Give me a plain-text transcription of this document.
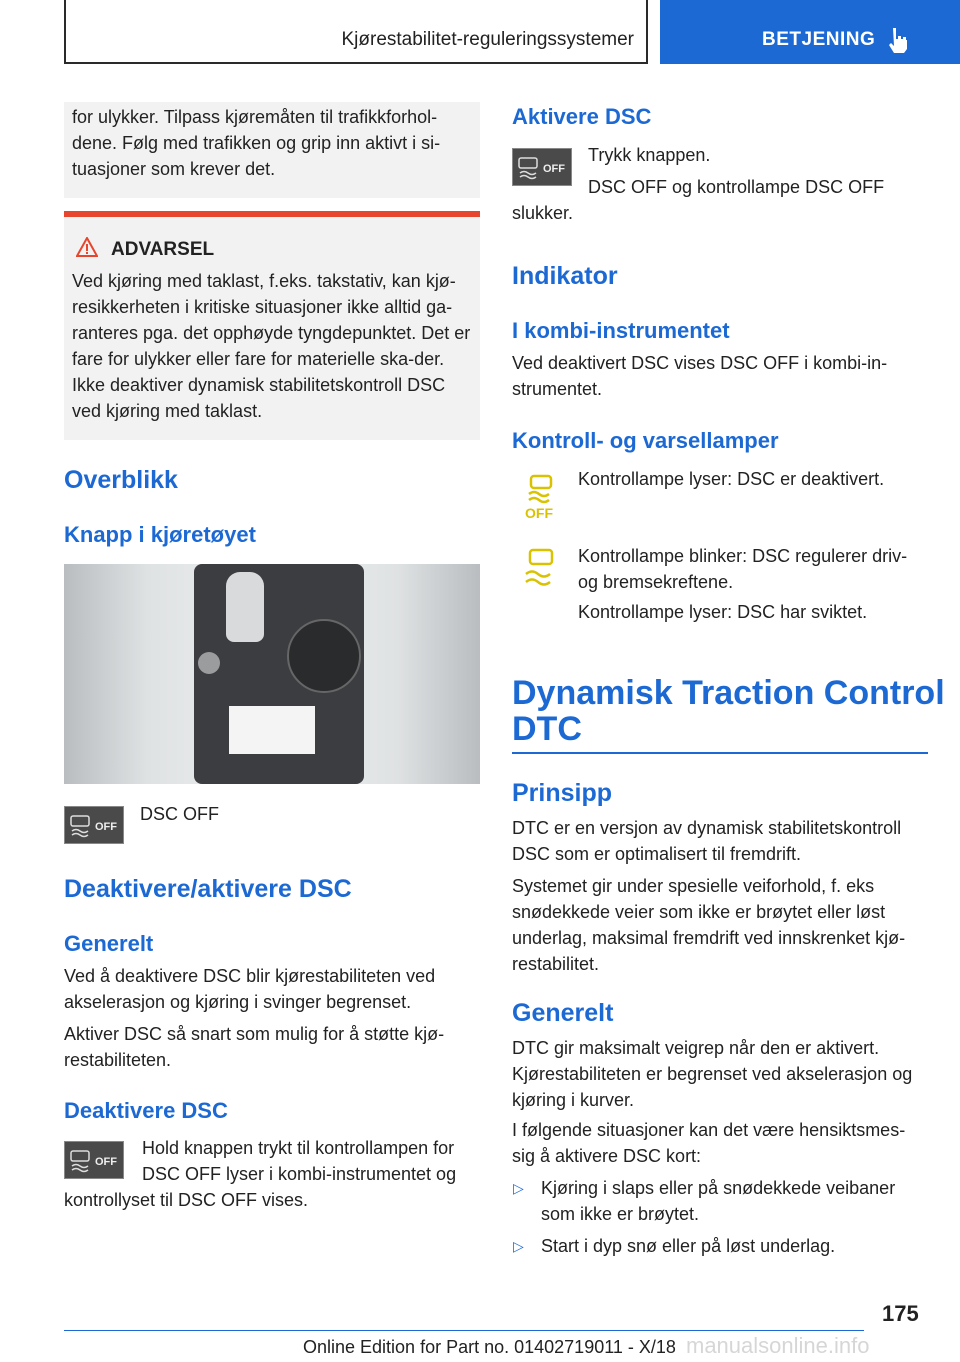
Kjørestabilitet-reguleringssystemer	BETJENING

for ulykker. Tilpass kjøremåten til trafikkforhol-dene. Følg med trafikken og grip inn aktivt i si-tuasjoner som krever det.

ADVARSEL

Ved kjøring med taklast, f.eks. takstativ, kan kjø-resikkerheten i kritiske situasjoner ikke alltid ga-ranteres pga. det opphøyde tyngdepunktet. Det er fare for ulykker eller fare for materielle ska-der. Ikke deaktiver dynamisk stabilitetskontroll DSC ved kjøring med taklast.

Overblikk

Knapp i kjøretøyet

OFF

DSC OFF

Deaktivere/aktivere DSC

Generelt

Ved å deaktivere DSC blir kjørestabiliteten ved akselerasjon og kjøring i svinger begrenset.

Aktiver DSC så snart som mulig for å støtte kjø-restabiliteten.

Deaktivere DSC

OFF

Hold knappen trykt til kontrollampen for

DSC OFF lyser i kombi-instrumentet og

kontrollyset til DSC OFF vises.

Aktivere DSC

OFF

Trykk knappen.

DSC OFF og kontrollampe DSC OFF

slukker.

Indikator

I kombi-instrumentet

Ved deaktivert DSC vises DSC OFF i kombi-in-strumentet.

Kontroll- og varsellamper

OFF

Kontrollampe lyser: DSC er deaktivert.

Kontrollampe blinker: DSC regulerer driv- og bremsekreftene.

Kontrollampe lyser: DSC har sviktet.

Dynamisk Traction Control

DTC

Prinsipp

DTC er en versjon av dynamisk stabilitetskontroll DSC som er optimalisert til fremdrift.

Systemet gir under spesielle veiforhold, f. eks snødekkede veier som ikke er brøytet eller løst underlag, maksimal fremdrift ved innskrenket kjø-restabilitet.

Generelt

DTC gir maksimalt veigrep når den er aktivert. Kjørestabiliteten er begrenset ved akselerasjon og kjøring i kurver.

I følgende situasjoner kan det være hensiktsmes-sig å aktivere DSC kort:

▷ Kjøring i slaps eller på snødekkede veibaner som ikke er brøytet.

▷ Start i dyp snø eller på løst underlag.

175

Online Edition for Part no. 01402719011 - X/18 manualsonline.info
